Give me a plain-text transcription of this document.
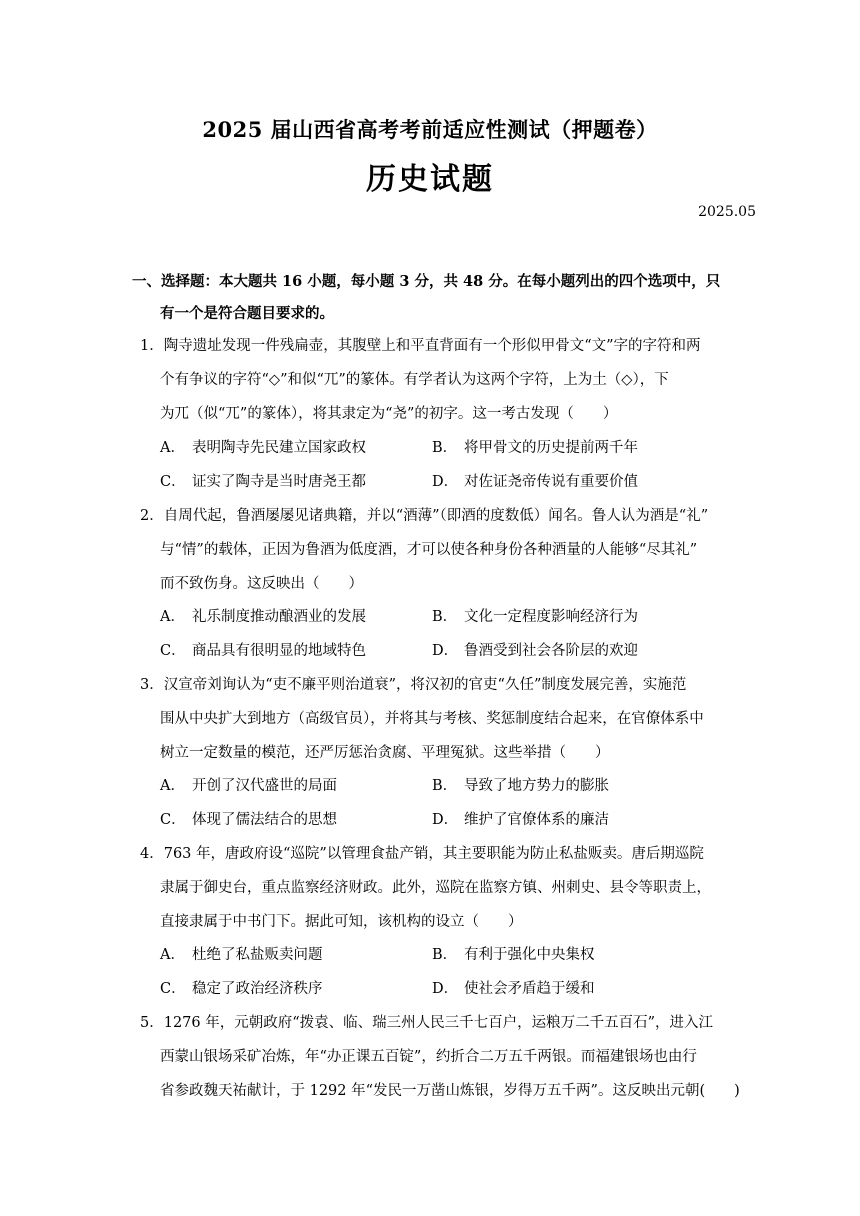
2025 届山西省高考考前适应性测试（押题卷）
历史试题
2025.05
一、选择题：本大题共 16 小题，每小题 3 分，共 48 分。在每小题列出的四个选项中，只
有一个是符合题目要求的。
1．陶寺遗址发现一件残扁壶，其腹壁上和平直背面有一个形似甲骨文“文”字的字符和两
个有争议的字符“◇”和似“兀”的篆体。有学者认为这两个字符，上为土（◇），下
为兀（似“兀”的篆体），将其隶定为“尧”的初字。这一考古发现（　　）
A． 表明陶寺先民建立国家政权	B． 将甲骨文的历史提前两千年
C． 证实了陶寺是当时唐尧王都	D． 对佐证尧帝传说有重要价值
2．自周代起，鲁酒屡屡见诸典籍，并以“酒薄”（即酒的度数低）闻名。鲁人认为酒是“礼”
与“情”的载体，正因为鲁酒为低度酒，才可以使各种身份各种酒量的人能够“尽其礼”
而不致伤身。这反映出（　　）
A． 礼乐制度推动酿酒业的发展	B． 文化一定程度影响经济行为
C． 商品具有很明显的地域特色	D． 鲁酒受到社会各阶层的欢迎
3．汉宣帝刘询认为“吏不廉平则治道衰”，将汉初的官吏“久任”制度发展完善，实施范
围从中央扩大到地方（高级官员），并将其与考核、奖惩制度结合起来，在官僚体系中
树立一定数量的模范，还严厉惩治贪腐、平理冤狱。这些举措（　　）
A． 开创了汉代盛世的局面	B． 导致了地方势力的膨胀
C． 体现了儒法结合的思想	D． 维护了官僚体系的廉洁
4．763 年，唐政府设“巡院”以管理食盐产销，其主要职能为防止私盐贩卖。唐后期巡院
隶属于御史台，重点监察经济财政。此外，巡院在监察方镇、州刺史、县令等职责上，
直接隶属于中书门下。据此可知，该机构的设立（　　）
A． 杜绝了私盐贩卖问题	B． 有利于强化中央集权
C． 稳定了政治经济秩序	D． 使社会矛盾趋于缓和
5．1276 年，元朝政府“拨袁、临、瑞三州人民三千七百户，运粮万二千五百石”，进入江
西蒙山银场采矿冶炼，年“办正课五百锭”，约折合二万五千两银。而福建银场也由行
省参政魏天祐献计，于 1292 年“发民一万凿山炼银，岁得万五千两”。这反映出元朝(　　)
